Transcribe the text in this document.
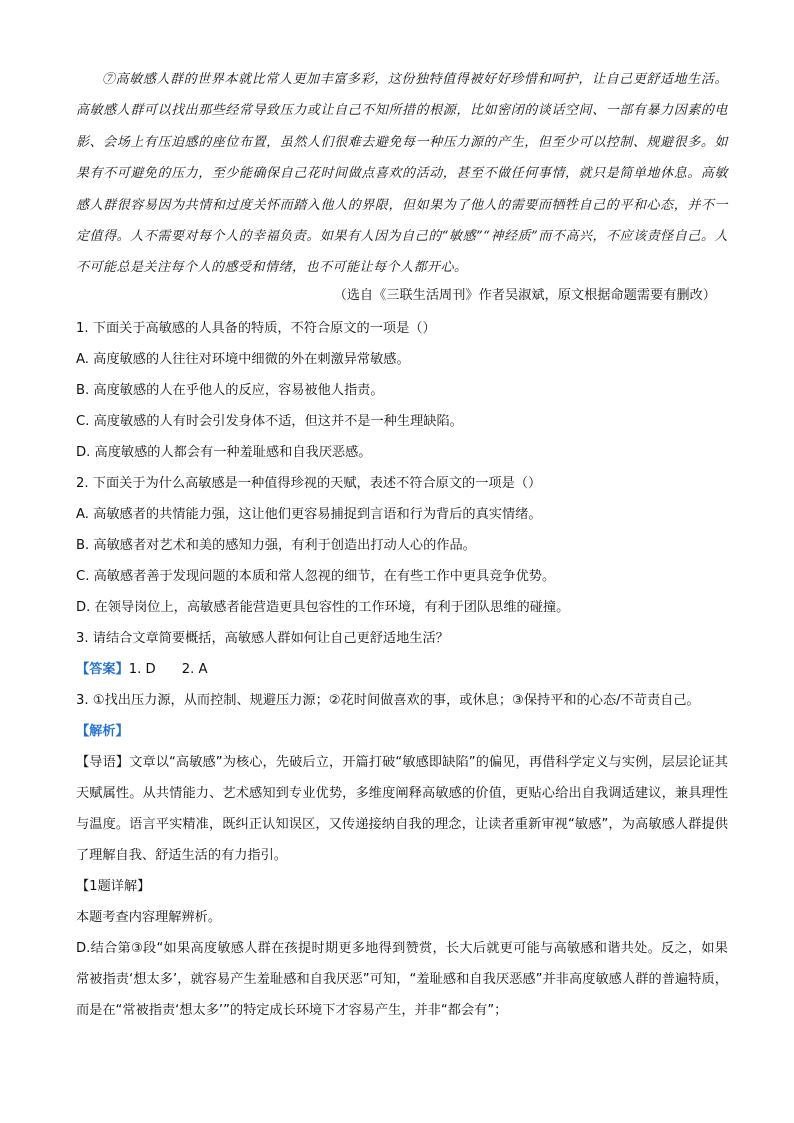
⑦高敏感人群的世界本就比常人更加丰富多彩，这份独特值得被好好珍惜和呵护，让自己更舒适地生活。高敏感人群可以找出那些经常导致压力或让自己不知所措的根源，比如密闭的谈话空间、一部有暴力因素的电影、会场上有压迫感的座位布置，虽然人们很难去避免每一种压力源的产生，但至少可以控制、规避很多。如果有不可避免的压力，至少能确保自己花时间做点喜欢的活动，甚至不做任何事情，就只是简单地休息。高敏感人群很容易因为共情和过度关怀而踏入他人的界限，但如果为了他人的需要而牺牲自己的平和心态，并不一定值得。人不需要对每个人的幸福负责。如果有人因为自己的“敏感”“神经质”而不高兴，不应该责怪自己。人不可能总是关注每个人的感受和情绪，也不可能让每个人都开心。

（选自《三联生活周刊》作者吴淑斌，原文根据命题需要有删改）

1. 下面关于高敏感的人具备的特质，不符合原文的一项是（）

A. 高度敏感的人往往对环境中细微的外在刺激异常敏感。

B. 高度敏感的人在乎他人的反应，容易被他人指责。

C. 高度敏感的人有时会引发身体不适，但这并不是一种生理缺陷。

D. 高度敏感的人都会有一种羞耻感和自我厌恶感。

2. 下面关于为什么高敏感是一种值得珍视的天赋，表述不符合原文的一项是（）

A. 高敏感者的共情能力强，这让他们更容易捕捉到言语和行为背后的真实情绪。

B. 高敏感者对艺术和美的感知力强，有利于创造出打动人心的作品。

C. 高敏感者善于发现问题的本质和常人忽视的细节，在有些工作中更具竞争优势。

D. 在领导岗位上，高敏感者能营造更具包容性的工作环境，有利于团队思维的碰撞。

3. 请结合文章简要概括，高敏感人群如何让自己更舒适地生活？

【答案】1. D 2. A

3. ①找出压力源，从而控制、规避压力源；②花时间做喜欢的事，或休息；③保持平和的心态/不苛责自己。

【解析】

【导语】文章以“高敏感”为核心，先破后立，开篇打破“敏感即缺陷”的偏见，再借科学定义与实例，层层论证其天赋属性。从共情能力、艺术感知到专业优势，多维度阐释高敏感的价值，更贴心给出自我调适建议，兼具理性与温度。语言平实精准，既纠正认知误区，又传递接纳自我的理念，让读者重新审视“敏感”，为高敏感人群提供了理解自我、舒适生活的有力指引。

【1题详解】

本题考查内容理解辨析。

D.结合第③段“如果高度敏感人群在孩提时期更多地得到赞赏，长大后就更可能与高敏感和谐共处。反之，如果常被指责‘想太多’，就容易产生羞耻感和自我厌恶”可知，“羞耻感和自我厌恶感”并非高度敏感人群的普遍特质，而是在“常被指责‘想太多’”的特定成长环境下才容易产生，并非“都会有”；
